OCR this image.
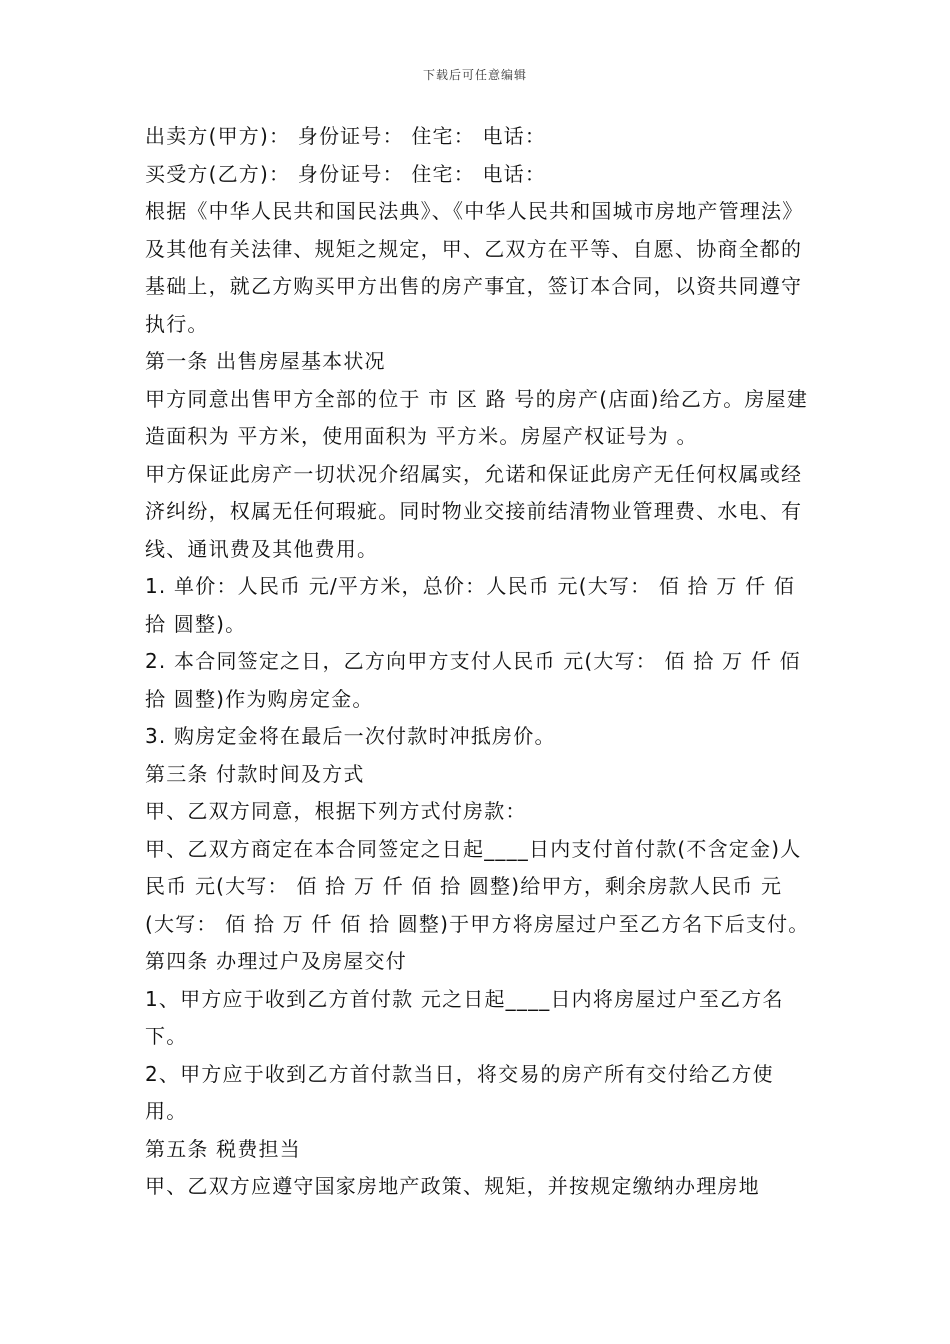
下载后可任意编辑

出卖方(甲方)： 身份证号： 住宅： 电话：

买受方(乙方)： 身份证号： 住宅： 电话：

根据《中华人民共和国民法典》、《中华人民共和国城市房地产管理法》及其他有关法律、规矩之规定，甲、乙双方在平等、自愿、协商全都的基础上，就乙方购买甲方出售的房产事宜，签订本合同，以资共同遵守执行。

第一条 出售房屋基本状况

甲方同意出售甲方全部的位于 市 区 路 号的房产(店面)给乙方。房屋建造面积为 平方米，使用面积为 平方米。房屋产权证号为 。

甲方保证此房产一切状况介绍属实，允诺和保证此房产无任何权属或经济纠纷，权属无任何瑕疵。同时物业交接前结清物业管理费、水电、有线、通讯费及其他费用。

1. 单价：人民币 元/平方米，总价：人民币 元(大写： 佰 拾 万 仟 佰 拾 圆整)。

2. 本合同签定之日，乙方向甲方支付人民币 元(大写： 佰 拾 万 仟 佰 拾 圆整)作为购房定金。

3. 购房定金将在最后一次付款时冲抵房价。

第三条 付款时间及方式

甲、乙双方同意，根据下列方式付房款：

甲、乙双方商定在本合同签定之日起____日内支付首付款(不含定金)人民币 元(大写： 佰 拾 万 仟 佰 拾 圆整)给甲方，剩余房款人民币 元(大写： 佰 拾 万 仟 佰 拾 圆整)于甲方将房屋过户至乙方名下后支付。

第四条 办理过户及房屋交付

1、甲方应于收到乙方首付款 元之日起____日内将房屋过户至乙方名下。

2、甲方应于收到乙方首付款当日，将交易的房产所有交付给乙方使用。

第五条 税费担当

甲、乙双方应遵守国家房地产政策、规矩，并按规定缴纳办理房地
